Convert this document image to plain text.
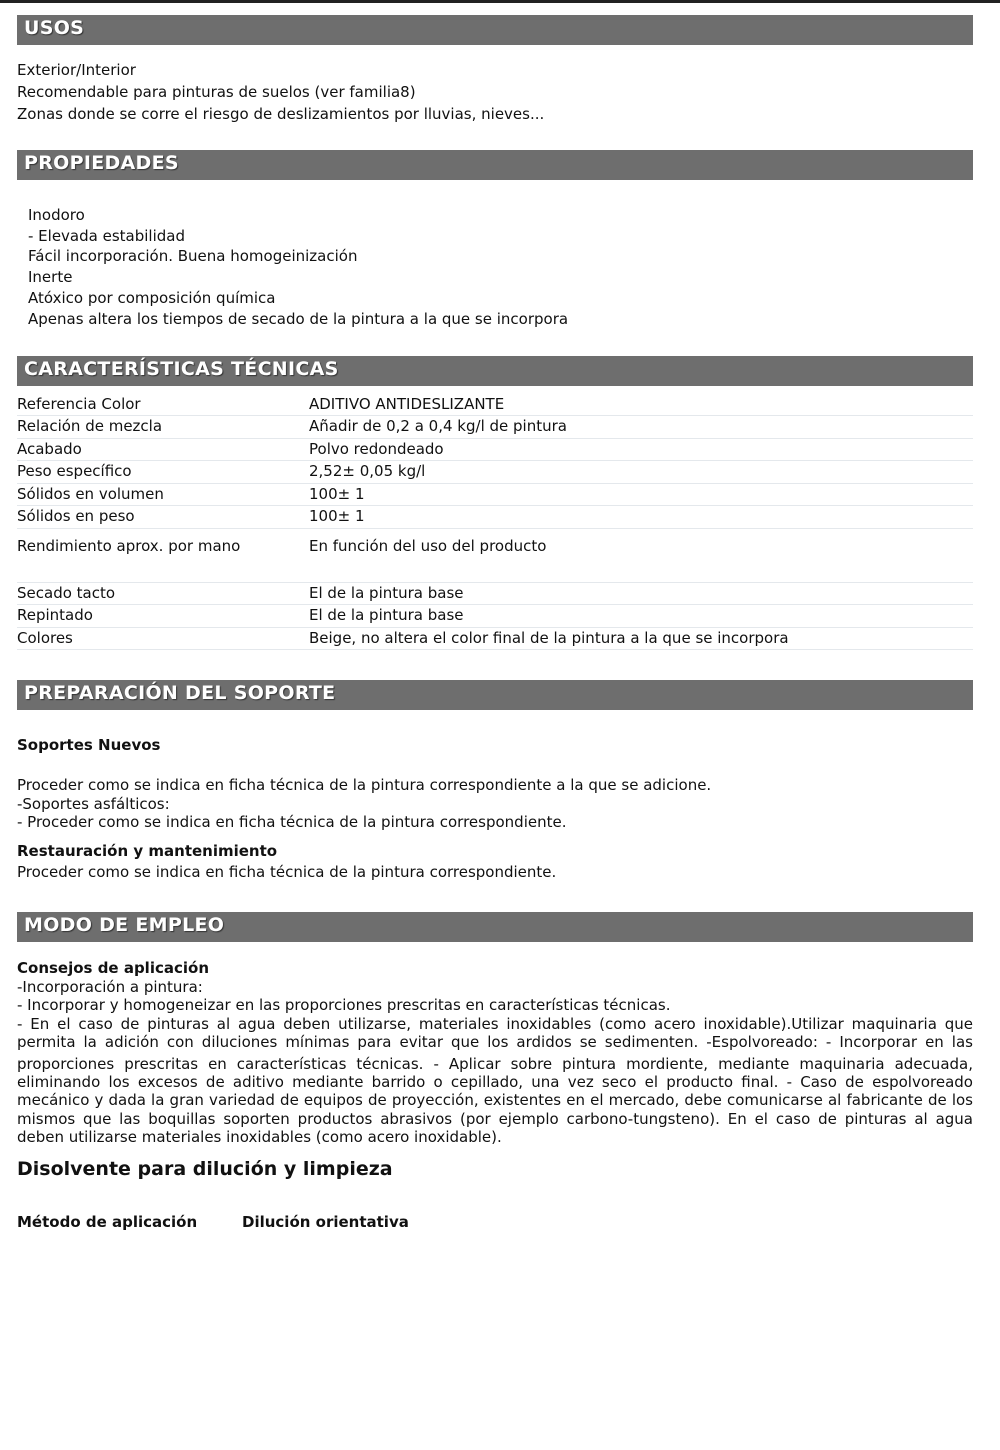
USOS
Exterior/Interior
Recomendable para pinturas de suelos (ver familia8)
Zonas donde se corre el riesgo de deslizamientos por lluvias, nieves...
PROPIEDADES
Inodoro
- Elevada estabilidad
Fácil incorporación. Buena homogeinización
Inerte
Atóxico por composición química
Apenas altera los tiempos de secado de la pintura a la que se incorpora
CARACTERÍSTICAS TÉCNICAS
Referencia Color	ADITIVO ANTIDESLIZANTE
Relación de mezcla	Añadir de 0,2 a 0,4 kg/l de pintura
Acabado	Polvo redondeado
Peso específico	2,52± 0,05 kg/l
Sólidos en volumen	100± 1
Sólidos en peso	100± 1
Rendimiento aprox. por mano	En función del uso del producto
Secado tacto	El de la pintura base
Repintado	El de la pintura base
Colores	Beige, no altera el color final de la pintura a la que se incorpora
PREPARACIÓN DEL SOPORTE
Soportes Nuevos
Proceder como se indica en ficha técnica de la pintura correspondiente a la que se adicione.
-Soportes asfálticos:
- Proceder como se indica en ficha técnica de la pintura correspondiente.
Restauración y mantenimiento
Proceder como se indica en ficha técnica de la pintura correspondiente.
MODO DE EMPLEO
Consejos de aplicación
-Incorporación a pintura:
- Incorporar y homogeneizar en las proporciones prescritas en características técnicas.
- En el caso de pinturas al agua deben utilizarse, materiales inoxidables (como acero inoxidable).Utilizar maquinaria que
permita la adición con diluciones mínimas para evitar que los ardidos se sedimenten. -Espolvoreado: - Incorporar en las
proporciones prescritas en características técnicas. - Aplicar sobre pintura mordiente, mediante maquinaria adecuada,
eliminando los excesos de aditivo mediante barrido o cepillado, una vez seco el producto final. - Caso de espolvoreado
mecánico y dada la gran variedad de equipos de proyección, existentes en el mercado, debe comunicarse al fabricante de los
mismos que las boquillas soporten productos abrasivos (por ejemplo carbono-tungsteno). En el caso de pinturas al agua
deben utilizarse materiales inoxidables (como acero inoxidable).
Disolvente para dilución y limpieza
Método de aplicación	Dilución orientativa
